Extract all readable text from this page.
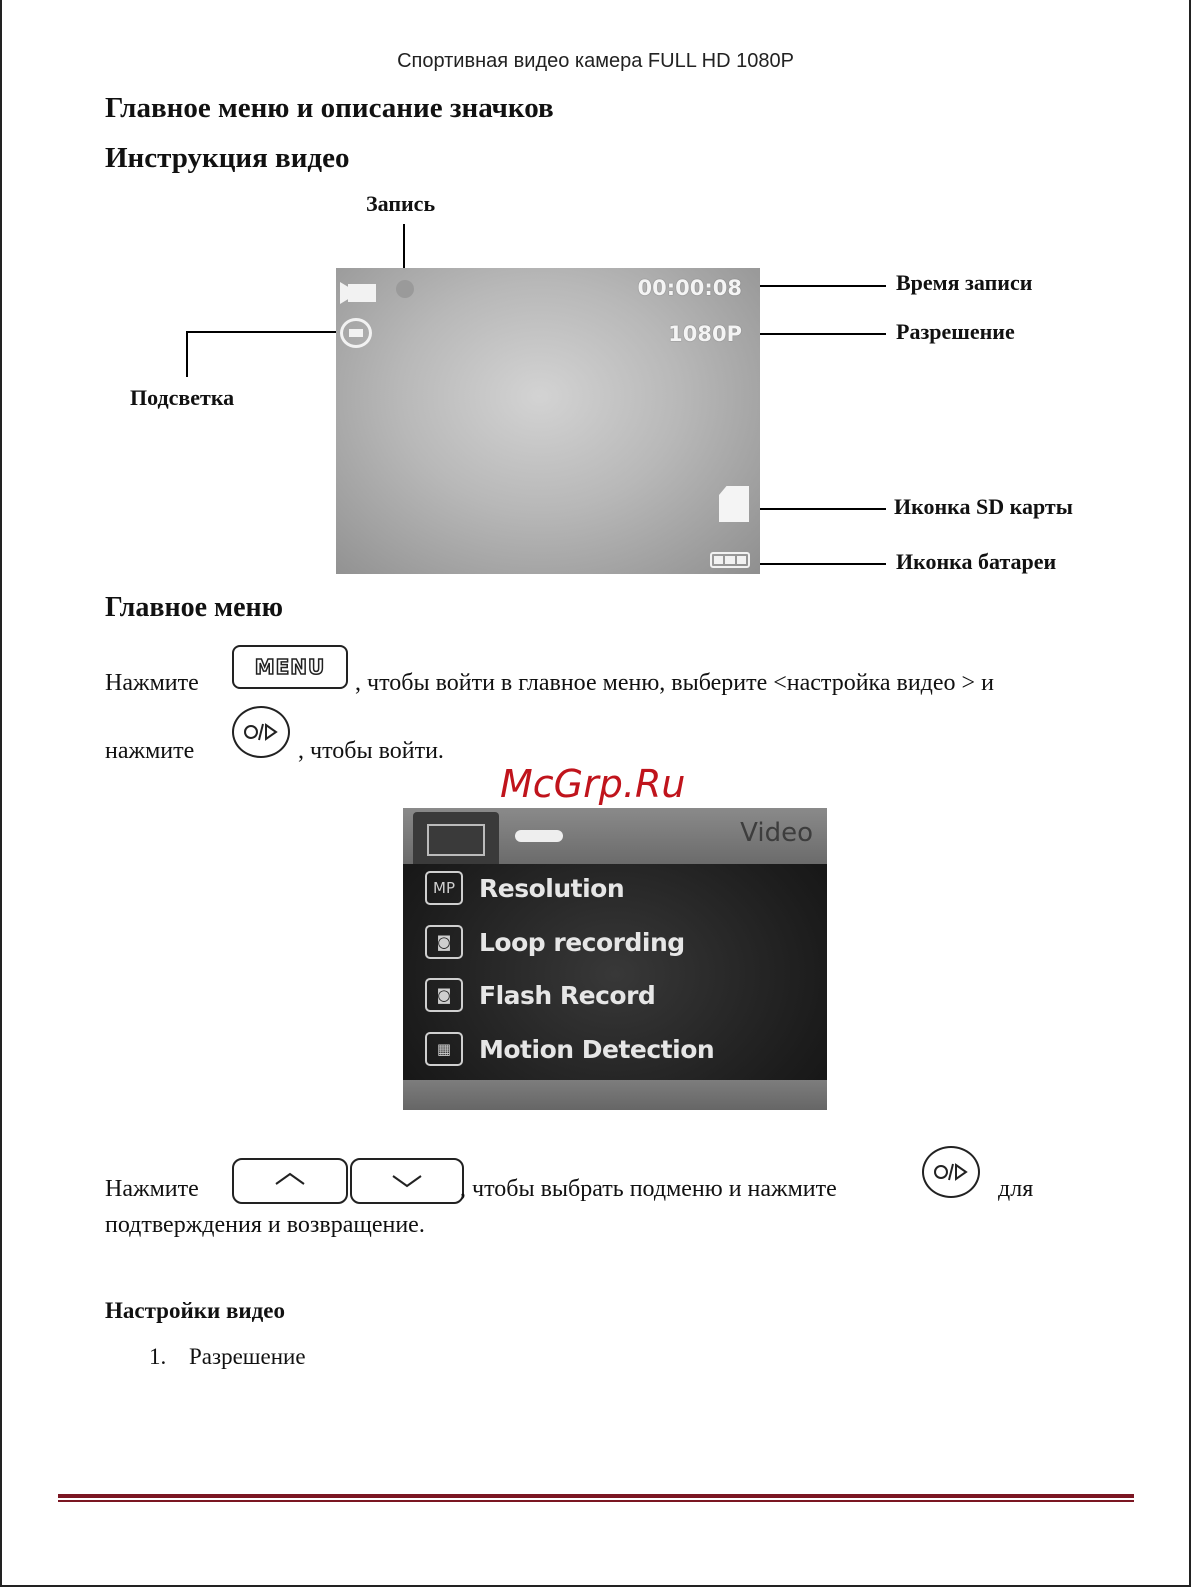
Спортивная видео камера FULL HD 1080P
Главное меню и описание значков
Инструкция видео
Запись
Время записи
Разрешение
Подсветка
Иконка SD карты
Иконка батареи
00:00:08
1080P
Главное меню
Нажмите
MENU
, чтобы войти в главное меню, выберите <настройка видео > и
нажмите	, чтобы войти.
McGrp.Ru
Video
MP Resolution
◙	Loop recording
◙	Flash Record
▦	Motion Detection
Нажмите	, чтобы выбрать подменю и нажмите	для
подтверждения и возвращение.
Настройки видео
1. Разрешение
